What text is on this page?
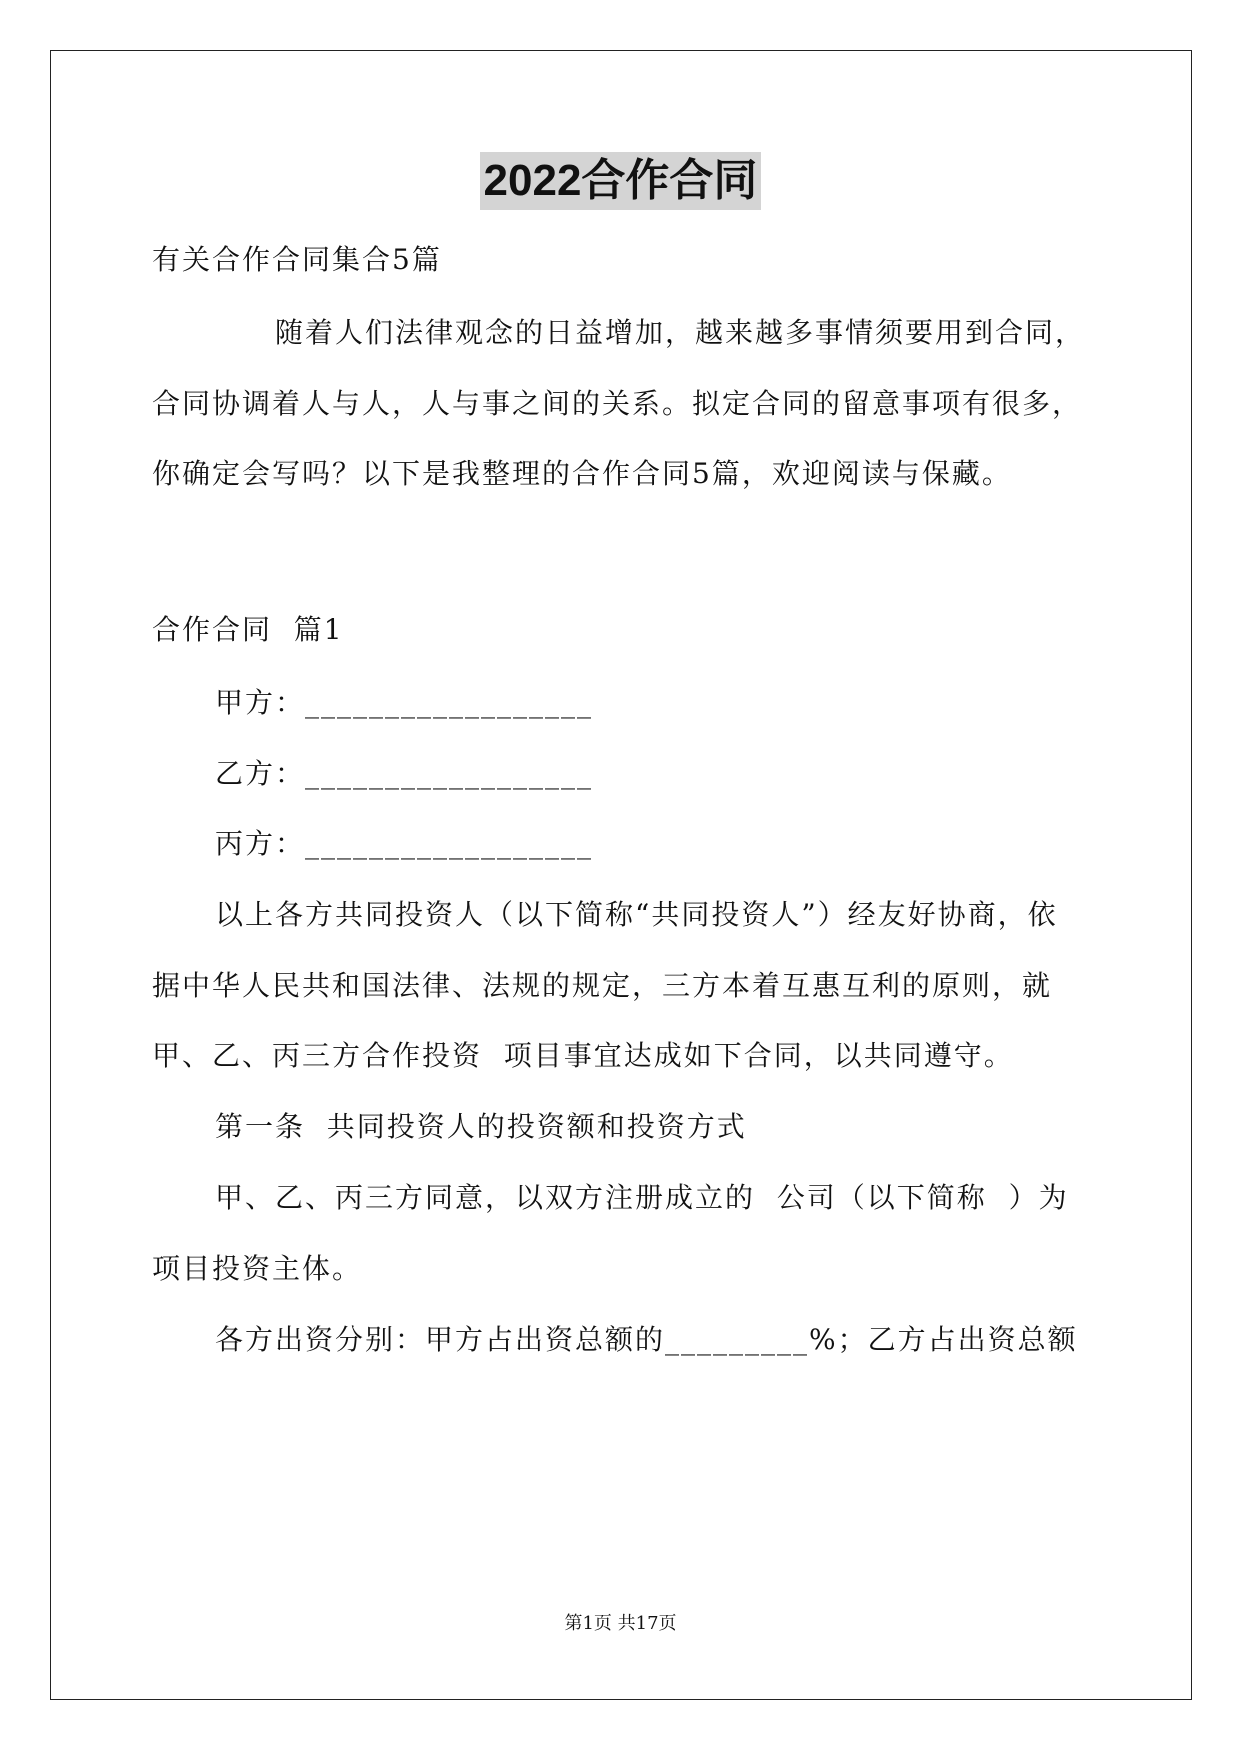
2022合作合同
有关合作合同集合5篇
随着人们法律观念的日益增加，越来越多事情须要用到合同，
合同协调着人与人，人与事之间的关系。拟定合同的留意事项有很多，
你确定会写吗？以下是我整理的合作合同5篇，欢迎阅读与保藏。
合作合同  篇1
甲方：__________________
乙方：__________________
丙方：__________________
以上各方共同投资人（以下简称“共同投资人”）经友好协商，依
据中华人民共和国法律、法规的规定，三方本着互惠互利的原则，就
甲、乙、丙三方合作投资  项目事宜达成如下合同，以共同遵守。
第一条  共同投资人的投资额和投资方式
甲、乙、丙三方同意，以双方注册成立的  公司（以下简称  ）为
项目投资主体。
各方出资分别：甲方占出资总额的_________%；乙方占出资总额
第1页 共17页
